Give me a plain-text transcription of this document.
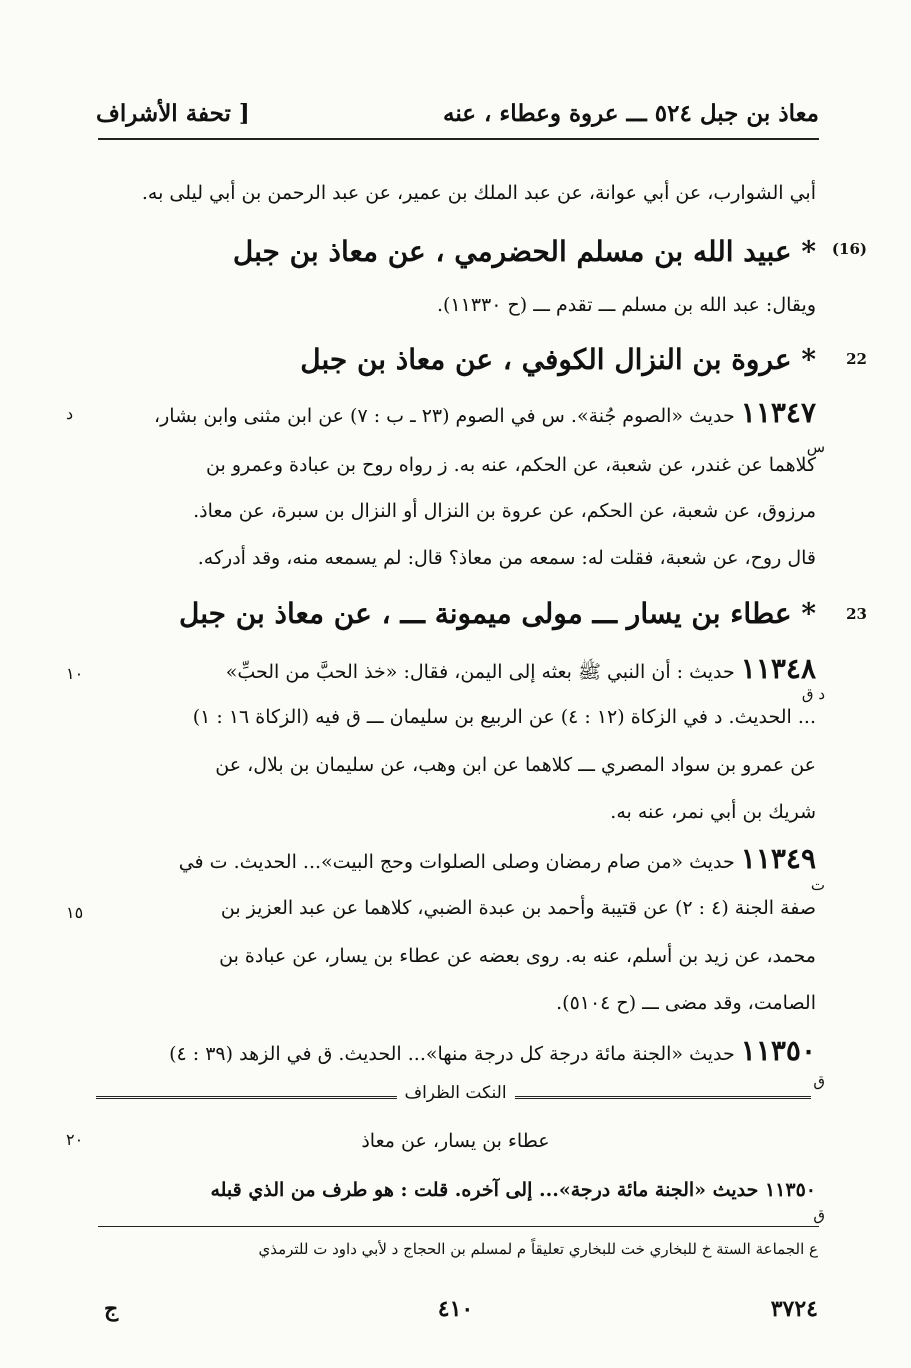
معاذ بن جبل ٥٢٤ ـــ عروة وعطاء ، عنه
[ تحفة الأشراف
أبي الشوارب، عن أبي عوانة، عن عبد الملك بن عمير، عن عبد الرحمن بن أبي ليلى به.
(16)
* عبيد الله بن مسلم الحضرمي ، عن معاذ بن جبل
ويقال: عبد الله بن مسلم ـــ تقدم ـــ (ح ١١٣٣٠).
22
* عروة بن النزال الكوفي ، عن معاذ بن جبل
د	١١٣٤٧ حديث «الصوم جُنة». س في الصوم (٢٣ ـ ب : ٧) عن ابن مثنى وابن بشار،
س
كلاهما عن غندر، عن شعبة، عن الحكم، عنه به. ز رواه روح بن عبادة وعمرو بن
مرزوق، عن شعبة، عن الحكم، عن عروة بن النزال أو النزال بن سبرة، عن معاذ.
قال روح، عن شعبة، فقلت له: سمعه من معاذ؟ قال: لم يسمعه منه، وقد أدركه.
23
* عطاء بن يسار ـــ مولى ميمونة ـــ ، عن معاذ بن جبل
١٠	١١٣٤٨ حديث : أن النبي ﷺ بعثه إلى اليمن، فقال: «خذ الحبَّ من الحبِّ»
د ق
... الحديث. د في الزكاة (١٢ : ٤) عن الربيع بن سليمان ـــ ق فيه (الزكاة ١٦ : ١)
عن عمرو بن سواد المصري ـــ كلاهما عن ابن وهب، عن سليمان بن بلال، عن
شريك بن أبي نمر، عنه به.
١١٣٤٩ حديث «من صام رمضان وصلى الصلوات وحج البيت»... الحديث. ت في
ت
١٥	صفة الجنة (٤ : ٢) عن قتيبة وأحمد بن عبدة الضبي، كلاهما عن عبد العزيز بن
محمد، عن زيد بن أسلم، عنه به. روى بعضه عن عطاء بن يسار، عن عبادة بن
الصامت، وقد مضى ـــ (ح ٥١٠٤).
١١٣٥٠ حديث «الجنة مائة درجة كل درجة منها»... الحديث. ق في الزهد (٣٩ : ٤)
ق
النكت الظراف
٢٠	عطاء بن يسار، عن معاذ
١١٣٥٠ حديث «الجنة مائة درجة»... إلى آخره. قلت : هو طرف من الذي قبله
ق
ع الجماعة الستة خ للبخاري خت للبخاري تعليقاً م لمسلم بن الحجاج د لأبي داود ت للترمذي
ج	٤١٠	٣٧٢٤
